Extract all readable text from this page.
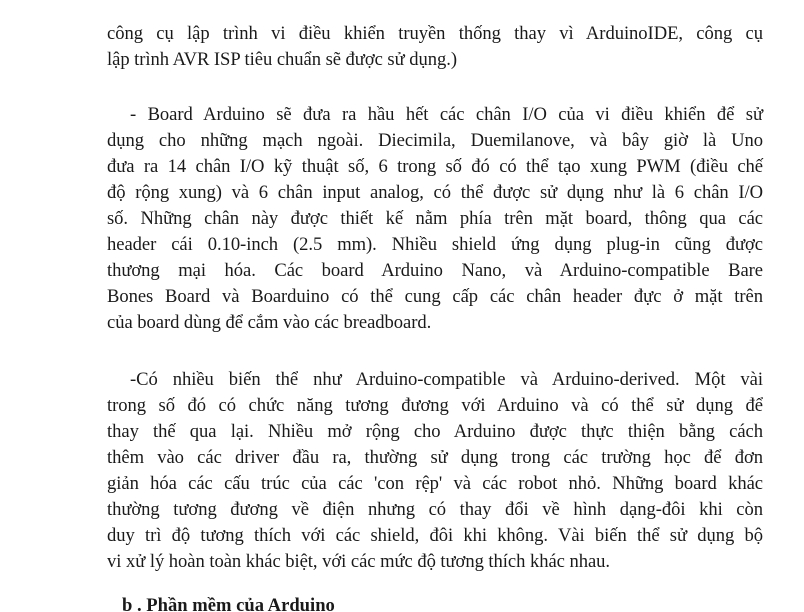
công cụ lập trình vi điều khiển truyền thống thay vì ArduinoIDE, công cụ
lập trình AVR ISP tiêu chuẩn sẽ được sử dụng.)
- Board Arduino sẽ đưa ra hầu hết các chân I/O của vi điều khiển để sử
dụng cho những mạch ngoài. Diecimila, Duemilanove, và bây giờ là Uno
đưa ra 14 chân I/O kỹ thuật số, 6 trong số đó có thể tạo xung PWM (điều chế
độ rộng xung) và 6 chân input analog, có thể được sử dụng như là 6 chân I/O
số. Những chân này được thiết kế nằm phía trên mặt board, thông qua các
header cái 0.10-inch (2.5 mm). Nhiều shield ứng dụng plug-in cũng được
thương mại hóa. Các board Arduino Nano, và Arduino-compatible Bare
Bones Board và Boarduino có thể cung cấp các chân header đực ở mặt trên
của board dùng để cắm vào các breadboard.
-Có nhiều biến thể như Arduino-compatible và Arduino-derived. Một vài
trong số đó có chức năng tương đương với Arduino và có thể sử dụng để
thay thế qua lại. Nhiều mở rộng cho Arduino được thực thiện bằng cách
thêm vào các driver đầu ra, thường sử dụng trong các trường học để đơn
giản hóa các cấu trúc của các 'con rệp' và các robot nhỏ. Những board khác
thường tương đương về điện nhưng có thay đổi về hình dạng-đôi khi còn
duy trì độ tương thích với các shield, đôi khi không. Vài biến thể sử dụng bộ
vi xử lý hoàn toàn khác biệt, với các mức độ tương thích khác nhau.
b . Phần mềm của Arduino
